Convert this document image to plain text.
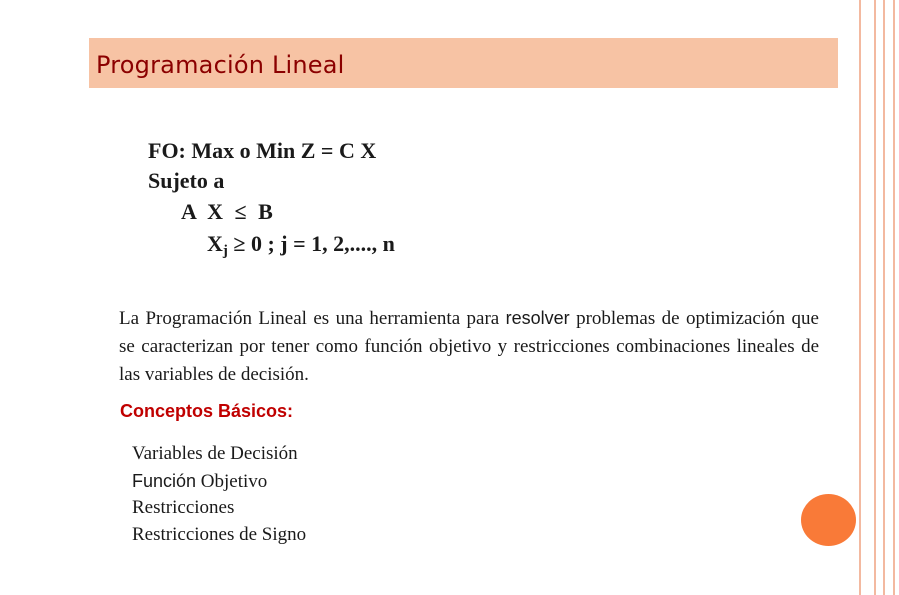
Programación Lineal
FO: Max o Min Z = C X
Sujeto a
A X ≤ B
$X_j \ge 0$ ; j = 1, 2,...., n
La Programación Lineal es una herramienta para resolver problemas de optimización que se caracterizan por tener como función objetivo y restricciones combinaciones lineales de las variables de decisión.
Conceptos Básicos:
Variables de Decisión
Función Objetivo
Restricciones
Restricciones de Signo
